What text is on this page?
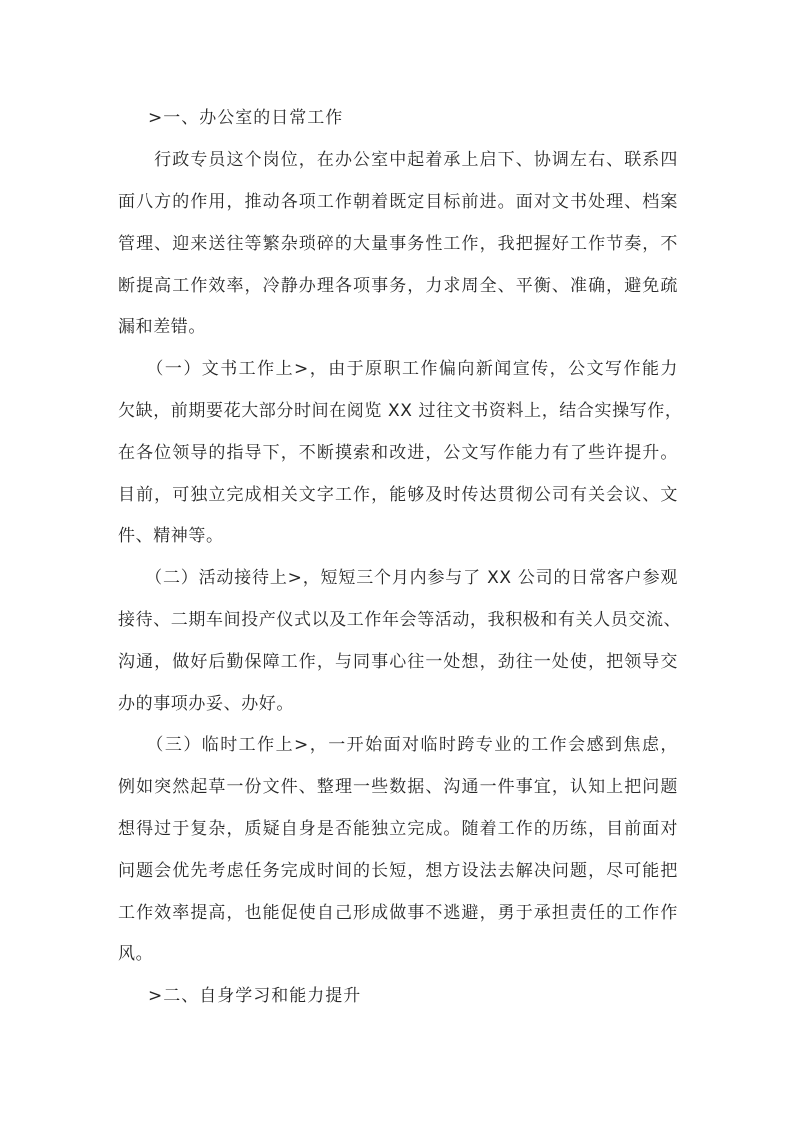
>一、办公室的日常工作
　　行政专员这个岗位，在办公室中起着承上启下、协调左右、联系四
面八方的作用，推动各项工作朝着既定目标前进。面对文书处理、档案
管理、迎来送往等繁杂琐碎的大量事务性工作，我把握好工作节奏，不
断提高工作效率，冷静办理各项事务，力求周全、平衡、准确，避免疏
漏和差错。
　　（一）文书工作上>，由于原职工作偏向新闻宣传，公文写作能力
欠缺，前期要花大部分时间在阅览 XX 过往文书资料上，结合实操写作，
在各位领导的指导下，不断摸索和改进，公文写作能力有了些许提升。
目前，可独立完成相关文字工作，能够及时传达贯彻公司有关会议、文
件、精神等。
　　（二）活动接待上>，短短三个月内参与了 XX 公司的日常客户参观
接待、二期车间投产仪式以及工作年会等活动，我积极和有关人员交流、
沟通，做好后勤保障工作，与同事心往一处想，劲往一处使，把领导交
办的事项办妥、办好。
　　（三）临时工作上>，一开始面对临时跨专业的工作会感到焦虑，
例如突然起草一份文件、整理一些数据、沟通一件事宜，认知上把问题
想得过于复杂，质疑自身是否能独立完成。随着工作的历练，目前面对
问题会优先考虑任务完成时间的长短，想方设法去解决问题，尽可能把
工作效率提高，也能促使自己形成做事不逃避，勇于承担责任的工作作
风。
>二、自身学习和能力提升
